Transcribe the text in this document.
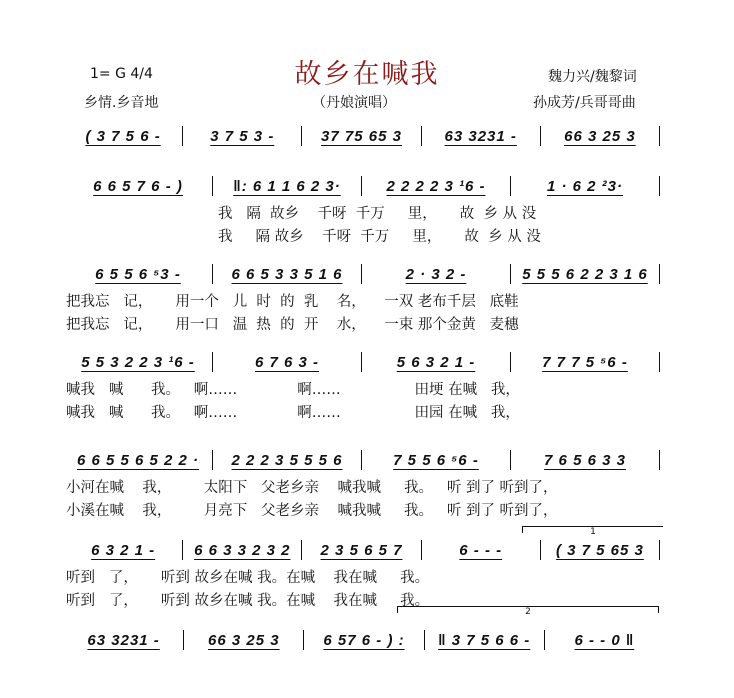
1= G 4/4	故乡在喊我
乡情.乡音地	（丹娘演唱）
魏力兴/魏黎词
孙成芳/兵哥哥曲
( 3 7 5 6 -	3 7 5 3 -	37 75 65 3	63 3231 -	66 3 25 3
6 6 5 7 6 - )	‖: 6 1 1 6 2 3·	2 2 2 2 3 ¹6 -	1 · 6 2 ²3·
我   隔  故乡    千呀  千万     里，     故  乡 从 没
我     隔 故乡    千呀  千万     里，     故  乡 从 没
6 5 5 6 ⁵3 -	6 6 5 3 3 5 1 6	2 · 3 2 -	5 5 5 6 2 2 3 1 6
把我忘   记，     用一个   儿  时  的  乳    名，    一双 老布千层   底鞋
把我忘   记，     用一口   温  热  的  开    水，    一束 那个金黄   麦穗
5 5 3 2 2 3 ¹6 -	6 7 6 3 -	5 6 3 2 1 -	7 7 7 5 ⁵6 -
喊我   喊      我。   啊……             啊……                田埂 在喊   我，
喊我   喊      我。   啊……             啊……                田园 在喊   我，
6 6 5 5 6 5 2 2 ·	2 2 2 3 5 5 5 6	7 5 5 6 ⁵6 -	7 6 5 6 3 3
小河在喊    我，       太阳下   父老乡亲    喊我喊     我。   听 到了 听到了，
小溪在喊    我，       月亮下   父老乡亲    喊我喊     我。   听 到了 听到了，
6 3 2 1 -	6 6 3 3 2 3 2	2 3 5 6 5 7	6 - - -	( 3 7 5 65 3
听到   了，     听到 故乡在喊 我。在喊    我在喊     我。
听到   了，     听到 故乡在喊 我。在喊    我在喊     我。
1
63 3231 -	66 3 25 3	6 57 6 - ) :	‖ 3 7 5 6 6 -	6 - - 0 ‖
2
